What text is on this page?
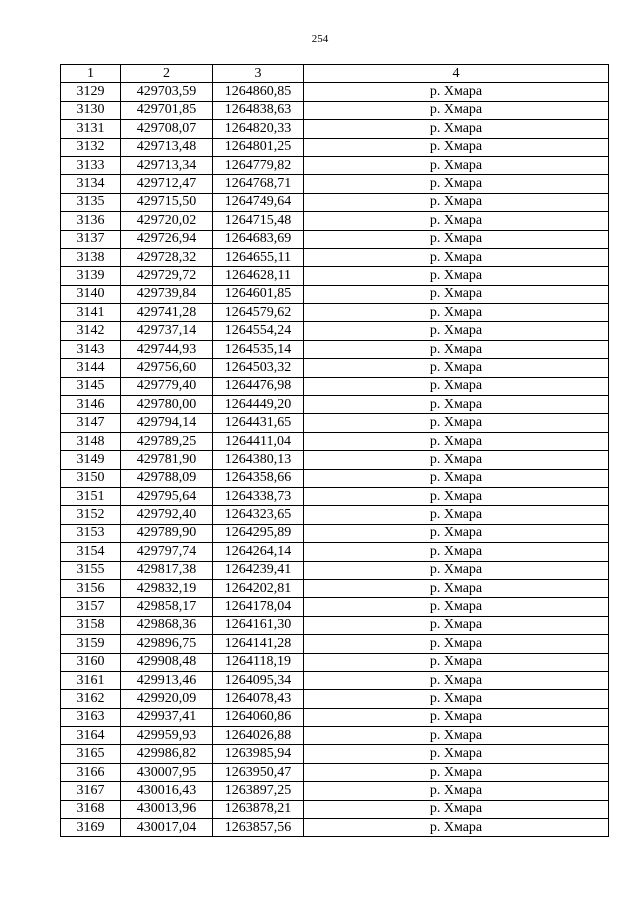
254
1	2	3	4
3129	429703,59	1264860,85	р. Хмара
3130	429701,85	1264838,63	р. Хмара
3131	429708,07	1264820,33	р. Хмара
3132	429713,48	1264801,25	р. Хмара
3133	429713,34	1264779,82	р. Хмара
3134	429712,47	1264768,71	р. Хмара
3135	429715,50	1264749,64	р. Хмара
3136	429720,02	1264715,48	р. Хмара
3137	429726,94	1264683,69	р. Хмара
3138	429728,32	1264655,11	р. Хмара
3139	429729,72	1264628,11	р. Хмара
3140	429739,84	1264601,85	р. Хмара
3141	429741,28	1264579,62	р. Хмара
3142	429737,14	1264554,24	р. Хмара
3143	429744,93	1264535,14	р. Хмара
3144	429756,60	1264503,32	р. Хмара
3145	429779,40	1264476,98	р. Хмара
3146	429780,00	1264449,20	р. Хмара
3147	429794,14	1264431,65	р. Хмара
3148	429789,25	1264411,04	р. Хмара
3149	429781,90	1264380,13	р. Хмара
3150	429788,09	1264358,66	р. Хмара
3151	429795,64	1264338,73	р. Хмара
3152	429792,40	1264323,65	р. Хмара
3153	429789,90	1264295,89	р. Хмара
3154	429797,74	1264264,14	р. Хмара
3155	429817,38	1264239,41	р. Хмара
3156	429832,19	1264202,81	р. Хмара
3157	429858,17	1264178,04	р. Хмара
3158	429868,36	1264161,30	р. Хмара
3159	429896,75	1264141,28	р. Хмара
3160	429908,48	1264118,19	р. Хмара
3161	429913,46	1264095,34	р. Хмара
3162	429920,09	1264078,43	р. Хмара
3163	429937,41	1264060,86	р. Хмара
3164	429959,93	1264026,88	р. Хмара
3165	429986,82	1263985,94	р. Хмара
3166	430007,95	1263950,47	р. Хмара
3167	430016,43	1263897,25	р. Хмара
3168	430013,96	1263878,21	р. Хмара
3169	430017,04	1263857,56	р. Хмара
